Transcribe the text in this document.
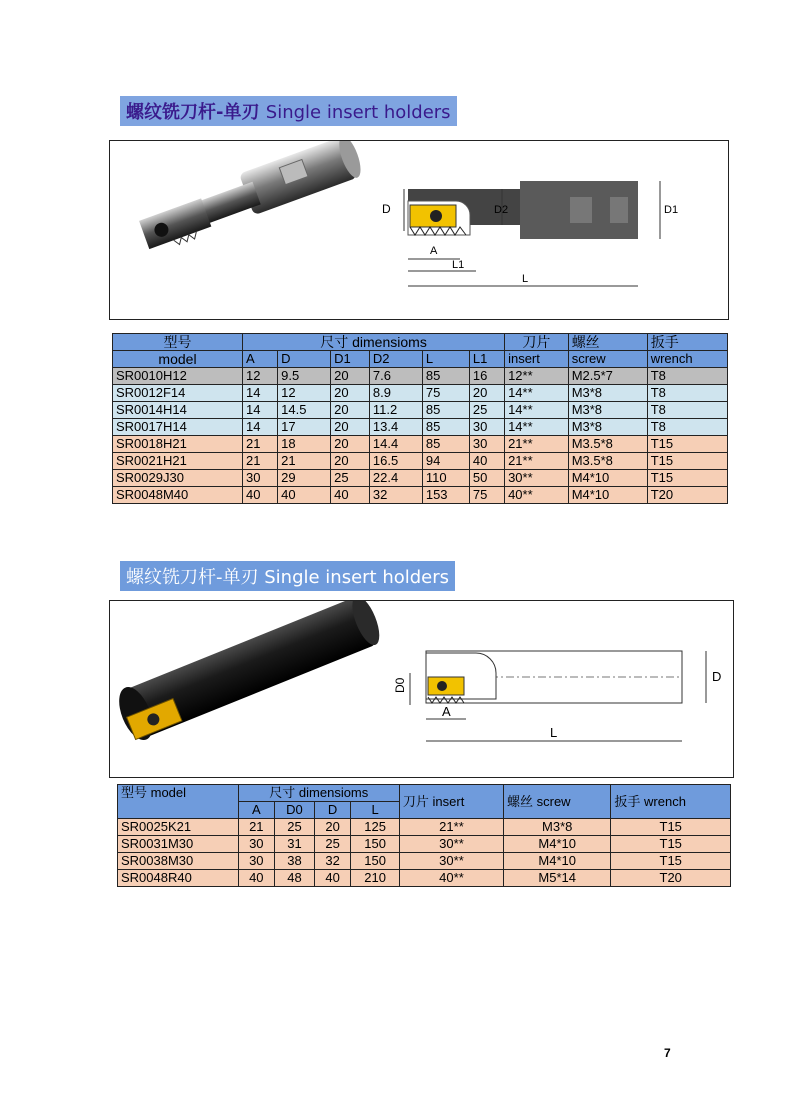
螺纹铣刀杆-单刃 Single insert holders
D	D2	D1
A
L1
L
型号	尺寸 dimensioms						刀片	螺丝	扳手
model	A	D	D1	D2	L	L1	insert	screw	wrench
SR0010H12	12	9.5	20	7.6	85	16	12**	M2.5*7	T8
SR0012F14	14	12	20	8.9	75	20	14**	M3*8	T8
SR0014H14	14	14.5	20	11.2	85	25	14**	M3*8	T8
SR0017H14	14	17	20	13.4	85	30	14**	M3*8	T8
SR0018H21	21	18	20	14.4	85	30	21**	M3.5*8	T15
SR0021H21	21	21	20	16.5	94	40	21**	M3.5*8	T15
SR0029J30	30	29	25	22.4	110	50	30**	M4*10	T15
SR0048M40	40	40	40	32	153	75	40**	M4*10	T20
螺纹铣刀杆-单刃 Single insert holders
D0
A
D
L
型号 model	尺寸 dimensioms				刀片 insert	螺丝 screw	扳手 wrench
	A	D0	D	L			
SR0025K21	21	25	20	125	21**	M3*8	T15
SR0031M30	30	31	25	150	30**	M4*10	T15
SR0038M30	30	38	32	150	30**	M4*10	T15
SR0048R40	40	48	40	210	40**	M5*14	T20
7
